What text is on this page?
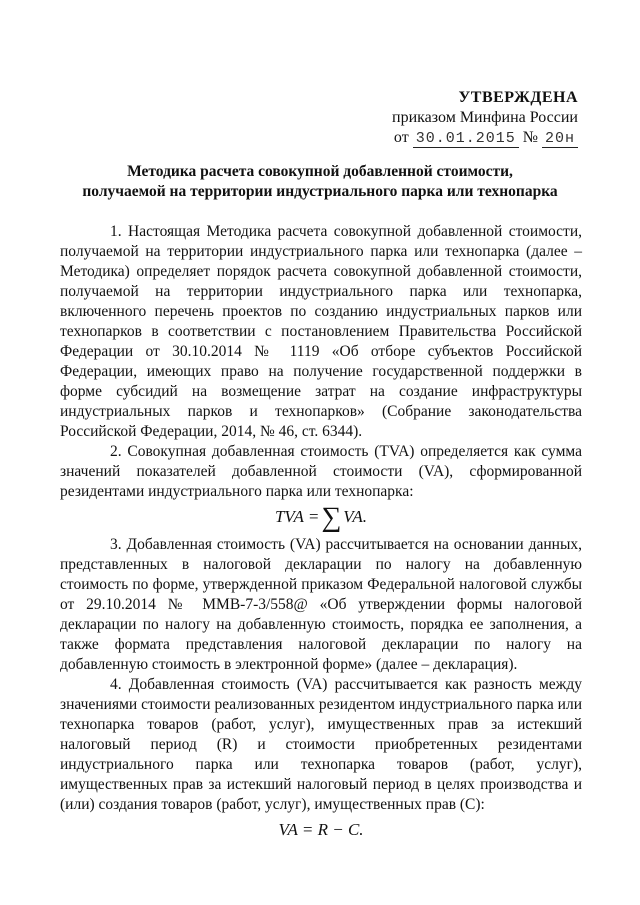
УТВЕРЖДЕНА
приказом Минфина России
от 30.01.2015 № 20н
Методика расчета совокупной добавленной стоимости,
получаемой на территории индустриального парка или технопарка

1. Настоящая Методика расчета совокупной добавленной стоимости, получаемой на территории индустриального парка или технопарка (далее – Методика) определяет порядок расчета совокупной добавленной стоимости, получаемой на территории индустриального парка или технопарка, включенного перечень проектов по созданию индустриальных парков или технопарков в соответствии с постановлением Правительства Российской Федерации от 30.10.2014 № 1119 «Об отборе субъектов Российской Федерации, имеющих право на получение государственной поддержки в форме субсидий на возмещение затрат на создание инфраструктуры индустриальных парков и технопарков» (Собрание законодательства Российской Федерации, 2014, № 46, ст. 6344).

2. Совокупная добавленная стоимость (TVA) определяется как сумма значений показателей добавленной стоимости (VA), сформированной резидентами индустриального парка или технопарка:

TVA =∑ VA.

3. Добавленная стоимость (VA) рассчитывается на основании данных, представленных в налоговой декларации по налогу на добавленную стоимость по форме, утвержденной приказом Федеральной налоговой службы от 29.10.2014 № ММВ-7-3/558@ «Об утверждении формы налоговой декларации по налогу на добавленную стоимость, порядка ее заполнения, а также формата представления налоговой декларации по налогу на добавленную стоимость в электронной форме» (далее – декларация).

4. Добавленная стоимость (VA) рассчитывается как разность между значениями стоимости реализованных резидентом индустриального парка или технопарка товаров (работ, услуг), имущественных прав за истекший налоговый период (R) и стоимости приобретенных резидентами индустриального парка или технопарка товаров (работ, услуг), имущественных прав за истекший налоговый период в целях производства и (или) создания товаров (работ, услуг), имущественных прав (С):

VA = R − C.
